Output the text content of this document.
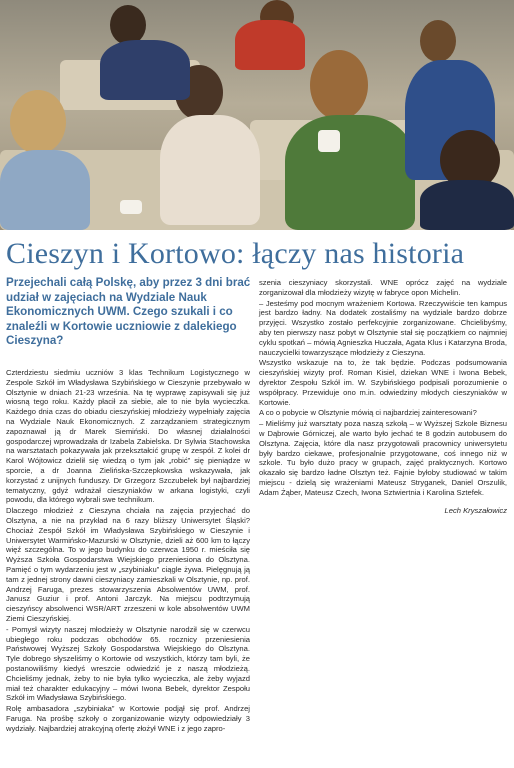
Cieszyn i Kortowo: łączy nas historia
Przejechali całą Polskę, aby przez 3 dni brać udział w zajęciach na Wydziale Nauk Ekonomicznych UWM. Czego szukali i co znaleźli w Kortowie uczniowie z dalekiego Cieszyna?

Czterdziestu siedmiu uczniów 3 klas Technikum Logistycznego w Zespole Szkół im Władysława Szybińskiego w Cieszynie przebywało w Olsztynie w dniach 21-23 września. Na tę wyprawę zapisywali się już wiosną tego roku. Każdy płacił za siebie, ale to nie była wycieczka. Każdego dnia czas do obiadu cieszyńskiej młodzieży wypełniały zajęcia na Wydziale Nauk Ekonomicznych. Z zarządzaniem strategicznym zapoznawał ją dr Marek Siemiński. Do własnej działalności gospodarczej wprowadzała dr Izabela Zabielska. Dr Sylwia Stachowska na warsztatach pokazywała jak przekształcić grupę w zespół. Z kolei dr Karol Wójtowicz dzielił się wiedzą o tym jak „robić” się pieniądze w sporcie, a dr Joanna Zielińska-Szczepkowska wskazywała, jak korzystać z unijnych funduszy. Dr Grzegorz Szczubełek był najbardziej tematyczny, gdyż wdrażał cieszyniaków w arkana logistyki, czyli powodu, dla którego wybrali swe technikum.

Dlaczego młodzież z Cieszyna chciała na zajęcia przyjechać do Olsztyna, a nie na przykład na 6 razy bliższy Uniwersytet Śląski? Chociaż Zespół Szkół im Władysława Szybińskiego w Cieszynie i Uniwersytet Warmińsko-Mazurski w Olsztynie, dzieli aż 600 km to łączy więź szczególna. To w jego budynku do czerwca 1950 r. mieściła się Wyższa Szkoła Gospodarstwa Wiejskiego przeniesiona do Olsztyna. Pamięć o tym wydarzeniu jest w „szybiniaku” ciągle żywa. Pielęgnują ją tam z jednej strony dawni cieszyniacy zamieszkali w Olsztynie, np. prof. Andrzej Faruga, prezes stowarzyszenia Absolwentów UWM, prof. Janusz Guziur i prof. Antoni Jarczyk. Na miejscu podtrzymują cieszyńscy absolwenci WSR/ART zrzeszeni w kole absolwentów UWM Ziemi Cieszyńskiej.

- Pomysł wizyty naszej młodzieży w Olsztynie narodził się w czerwcu ubiegłego roku podczas obchodów 65. rocznicy przeniesienia Państwowej Wyższej Szkoły Gospodarstwa Wiejskiego do Olsztyna. Tyle dobrego słyszeliśmy o Kortowie od wszystkich, którzy tam byli, że postanowiliśmy kiedyś wreszcie odwiedzić je z naszą młodzieżą. Chcieliśmy jednak, żeby to nie była tylko wycieczka, ale żeby wyjazd miał też charakter edukacyjny – mówi Iwona Bebek, dyrektor Zespołu Szkół im Władysława Szybińskiego.

Rolę ambasadora „szybiniaka” w Kortowie podjął się prof. Andrzej Faruga. Na prośbę szkoły o zorganizowanie wizyty odpowiedziały 3 wydziały. Najbardziej atrakcyjną ofertę złożył WNE i z jego zapro-

szenia cieszyniacy skorzystali. WNE oprócz zajęć na wydziale zorganizował dla młodzieży wizytę w fabryce opon Michelin.

– Jesteśmy pod mocnym wrażeniem Kortowa. Rzeczywiście ten kampus jest bardzo ładny. Na dodatek zostaliśmy na wydziale bardzo dobrze przyjęci. Wszystko zostało perfekcyjnie zorganizowane. Chcielibyśmy, aby ten pierwszy nasz pobyt w Olsztynie stał się początkiem co najmniej cyklu spotkań – mówią Agnieszka Huczała, Agata Klus i Katarzyna Broda, nauczycielki towarzyszące młodzieży z Cieszyna.

Wszystko wskazuje na to, że tak będzie. Podczas podsumowania cieszyńskiej wizyty prof. Roman Kisiel, dziekan WNE i Iwona Bebek, dyrektor Zespołu Szkół im. W. Szybińskiego podpisali porozumienie o współpracy. Przewiduje ono m.in. odwiedziny młodych cieszyniaków w Kortowie.

A co o pobycie w Olsztynie mówią ci najbardziej zainteresowani?

– Mieliśmy już warsztaty poza naszą szkołą – w Wyższej Szkole Biznesu w Dąbrowie Górniczej, ale warto było jechać te 8 godzin autobusem do Olsztyna. Zajęcia, które dla nasz przygotowali pracownicy uniwersytetu były bardzo ciekawe, profesjonalnie przygotowane, coś innego niż w szkole. Tu było dużo pracy w grupach, zajęć praktycznych. Kortowo okazało się bardzo ładne Olsztyn też. Fajnie byłoby studiować w takim miejscu - dzielą się wrażeniami Mateusz Stryganek, Daniel Orszulik, Adam Żąber, Mateusz Czech, Iwona Sztwiertnia i Karolina Sztefek.

Lech Kryszałowicz
